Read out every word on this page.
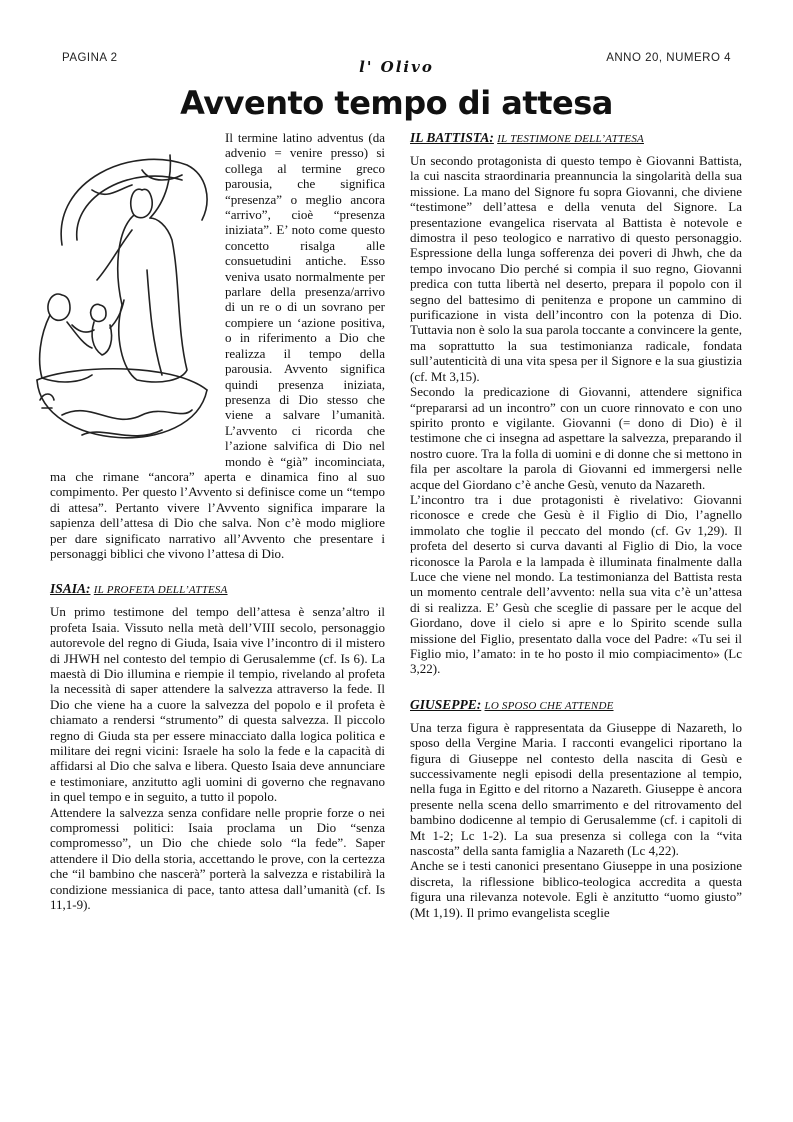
PAGINA 2	ANNO 20, NUMERO 4
l' Olivo
Avvento tempo di attesa

Il termine latino adventus (da advenio = venire presso) si collega al termine greco parousia, che significa “presenza” o meglio ancora “arrivo”, cioè “presenza iniziata”. E’ noto come questo concetto risalga alle consuetudini antiche. Esso veniva usato normalmente per parlare della presenza/arrivo di un re o di un sovrano per compiere un ‘azione positiva, o in riferimento a Dio che realizza il tempo della parousia. Avvento significa quindi presenza iniziata, presenza di Dio stesso che viene a salvare l’umanità. L’avvento ci ricorda che l’azione salvifica di Dio nel mondo è “già” incominciata, ma che rimane “ancora” aperta e dinamica fino al suo compimento. Per questo l’Avvento si definisce come un “tempo di attesa”. Pertanto vivere l’Avvento significa imparare la sapienza dell’attesa di Dio che salva. Non c’è modo migliore per dare significato narrativo all’Avvento che presentare i personaggi biblici che vivono l’attesa di Dio.

ISAIA: IL PROFETA DELL’ATTESA

Un primo testimone del tempo dell’attesa è senza’altro il profeta Isaia. Vissuto nella metà dell’VIII secolo, personaggio autorevole del regno di Giuda, Isaia vive l’incontro di il mistero di JHWH nel contesto del tempio di Gerusalemme (cf. Is 6). La maestà di Dio illumina e riempie il tempio, rivelando al profeta la necessità di saper attendere la salvezza attraverso la fede. Il Dio che viene ha a cuore la salvezza del popolo e il profeta è chiamato a rendersi “strumento” di questa salvezza. Il piccolo regno di Giuda sta per essere minacciato dalla logica politica e militare dei regni vicini: Israele ha solo la fede e la capacità di affidarsi al Dio che salva e libera. Questo Isaia deve annunciare e testimoniare, anzitutto agli uomini di governo che regnavano in quel tempo e in seguito, a tutto il popolo.

Attendere la salvezza senza confidare nelle proprie forze o nei compromessi politici: Isaia proclama un Dio “senza compromesso”, un Dio che chiede solo “la fede”. Saper attendere il Dio della storia, accettando le prove, con la certezza che “il bambino che nascerà” porterà la salvezza e ristabilirà la condizione messianica di pace, tanto attesa dall’umanità (cf. Is 11,1-9).

IL BATTISTA: IL TESTIMONE DELL’ATTESA

Un secondo protagonista di questo tempo è Giovanni Battista, la cui nascita straordinaria preannuncia la singolarità della sua missione. La mano del Signore fu sopra Giovanni, che diviene “testimone” dell’attesa e della venuta del Signore. La presentazione evangelica riservata al Battista è notevole e dimostra il peso teologico e narrativo di questo personaggio. Espressione della lunga sofferenza dei poveri di Jhwh, che da tempo invocano Dio perché si compia il suo regno, Giovanni predica con tutta libertà nel deserto, prepara il popolo con il segno del battesimo di penitenza e propone un cammino di purificazione in vista dell’incontro con la potenza di Dio. Tuttavia non è solo la sua parola toccante a convincere la gente, ma soprattutto la sua testimonianza radicale, fondata sull’autenticità di una vita spesa per il Signore e la sua giustizia (cf. Mt 3,15).

Secondo la predicazione di Giovanni, attendere significa “prepararsi ad un incontro” con un cuore rinnovato e con uno spirito pronto e vigilante. Giovanni (= dono di Dio) è il testimone che ci insegna ad aspettare la salvezza, preparando il nostro cuore. Tra la folla di uomini e di donne che si mettono in fila per ascoltare la parola di Giovanni ed immergersi nelle acque del Giordano c’è anche Gesù, venuto da Nazareth.

L’incontro tra i due protagonisti è rivelativo: Giovanni riconosce e crede che Gesù è il Figlio di Dio, l’agnello immolato che toglie il peccato del mondo (cf. Gv 1,29). Il profeta del deserto si curva davanti al Figlio di Dio, la voce riconosce la Parola e la lampada è illuminata finalmente dalla Luce che viene nel mondo. La testimonianza del Battista resta un momento centrale dell’avvento: nella sua vita c’è un’attesa di si realizza. E’ Gesù che sceglie di passare per le acque del Giordano, dove il cielo si apre e lo Spirito scende sulla missione del Figlio, presentato dalla voce del Padre: «Tu sei il Figlio mio, l’amato: in te ho posto il mio compiacimento» (Lc 3,22).

GIUSEPPE: LO SPOSO CHE ATTENDE

Una terza figura è rappresentata da Giuseppe di Nazareth, lo sposo della Vergine Maria. I racconti evangelici riportano la figura di Giuseppe nel contesto della nascita di Gesù e successivamente negli episodi della presentazione al tempio, nella fuga in Egitto e del ritorno a Nazareth. Giuseppe è ancora presente nella scena dello smarrimento e del ritrovamento del bambino dodicenne al tempio di Gerusalemme (cf. i capitoli di Mt 1-2; Lc 1-2). La sua presenza si collega con la “vita nascosta” della santa famiglia a Nazareth (Lc 4,22).

Anche se i testi canonici presentano Giuseppe in una posizione discreta, la riflessione biblico-teologica accredita a questa figura una rilevanza notevole. Egli è anzitutto “uomo giusto” (Mt 1,19). Il primo evangelista sceglie
